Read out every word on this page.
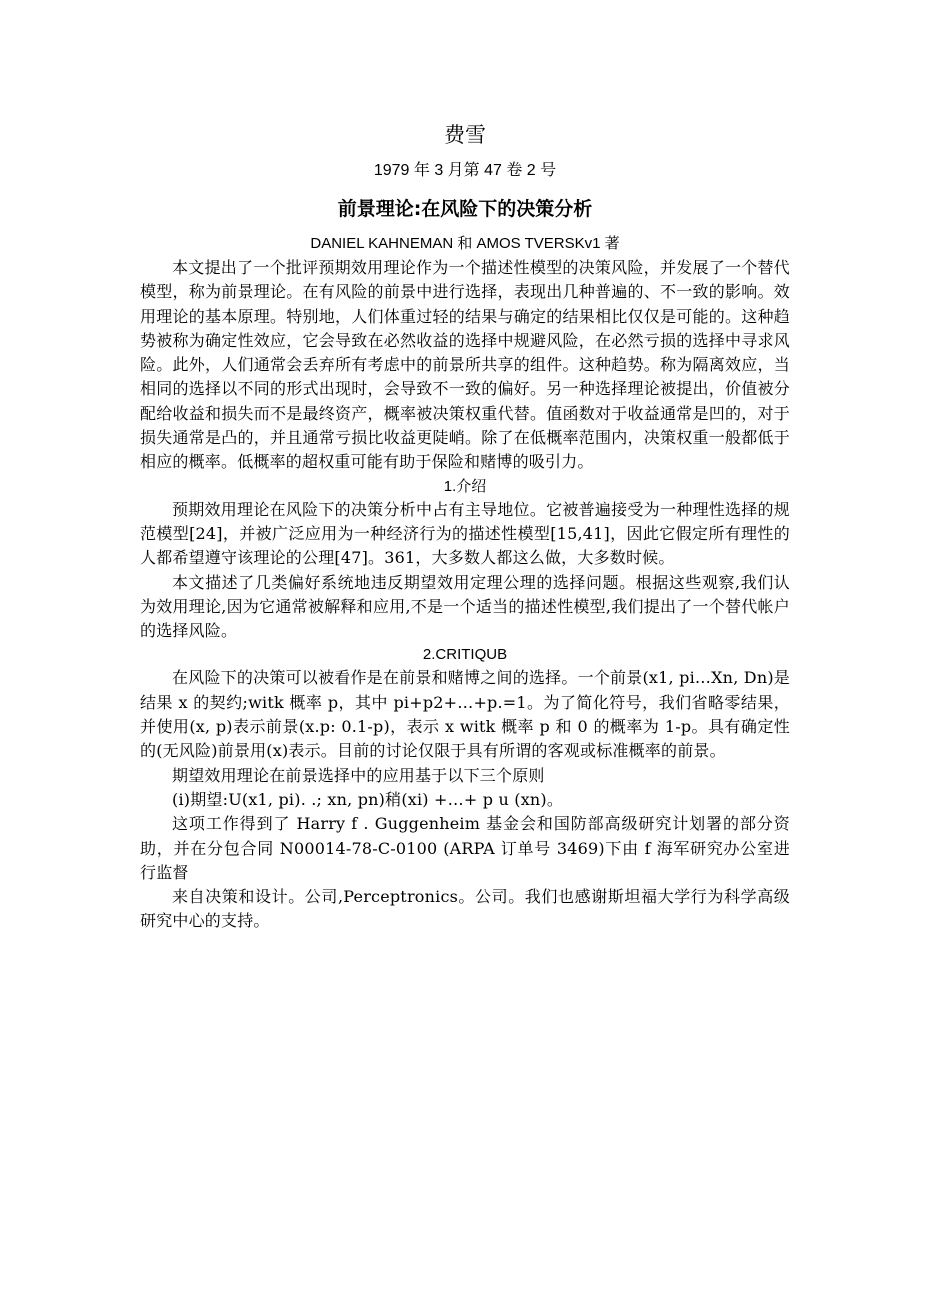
费雪
1979 年 3 月第 47 卷 2 号
前景理论:在风险下的决策分析
DANIEL KAHNEMAN 和 AMOS TVERSKv1 著

本文提出了一个批评预期效用理论作为一个描述性模型的决策风险，并发展了一个替代模型，称为前景理论。在有风险的前景中进行选择，表现出几种普遍的、不一致的影响。效用理论的基本原理。特别地，人们体重过轻的结果与确定的结果相比仅仅是可能的。这种趋势被称为确定性效应，它会导致在必然收益的选择中规避风险，在必然亏损的选择中寻求风险。此外，人们通常会丢弃所有考虑中的前景所共享的组件。这种趋势。称为隔离效应，当相同的选择以不同的形式出现时，会导致不一致的偏好。另一种选择理论被提出，价值被分配给收益和损失而不是最终资产，概率被决策权重代替。值函数对于收益通常是凹的，对于损失通常是凸的，并且通常亏损比收益更陡峭。除了在低概率范围内，决策权重一般都低于相应的概率。低概率的超权重可能有助于保险和赌博的吸引力。

1.介绍

预期效用理论在风险下的决策分析中占有主导地位。它被普遍接受为一种理性选择的规范模型[24]，并被广泛应用为一种经济行为的描述性模型[15,41]，因此它假定所有理性的人都希望遵守该理论的公理[47]。361，大多数人都这么做，大多数时候。

本文描述了几类偏好系统地违反期望效用定理公理的选择问题。根据这些观察,我们认为效用理论,因为它通常被解释和应用,不是一个适当的描述性模型,我们提出了一个替代帐户的选择风险。

2.CRITIQUB

在风险下的决策可以被看作是在前景和赌博之间的选择。一个前景(x1, pi…Xn, Dn)是结果 x 的契约;witk 概率 p，其中 pi+p2+…+p.=1。为了简化符号，我们省略零结果，并使用(x, p)表示前景(x.p: 0.1-p)，表示 x witk 概率 p 和 0 的概率为 1-p。具有确定性的(无风险)前景用(x)表示。目前的讨论仅限于具有所谓的客观或标准概率的前景。

期望效用理论在前景选择中的应用基于以下三个原则

(i)期望:U(x1, pi). .; xn, pn)稍(xi) +…+ p u (xn)。

这项工作得到了 Harry f . Guggenheim 基金会和国防部高级研究计划署的部分资助，并在分包合同 N00014-78-C-0100 (ARPA 订单号 3469)下由 f 海军研究办公室进行监督

来自决策和设计。公司,Perceptronics。公司。我们也感谢斯坦福大学行为科学高级研究中心的支持。
